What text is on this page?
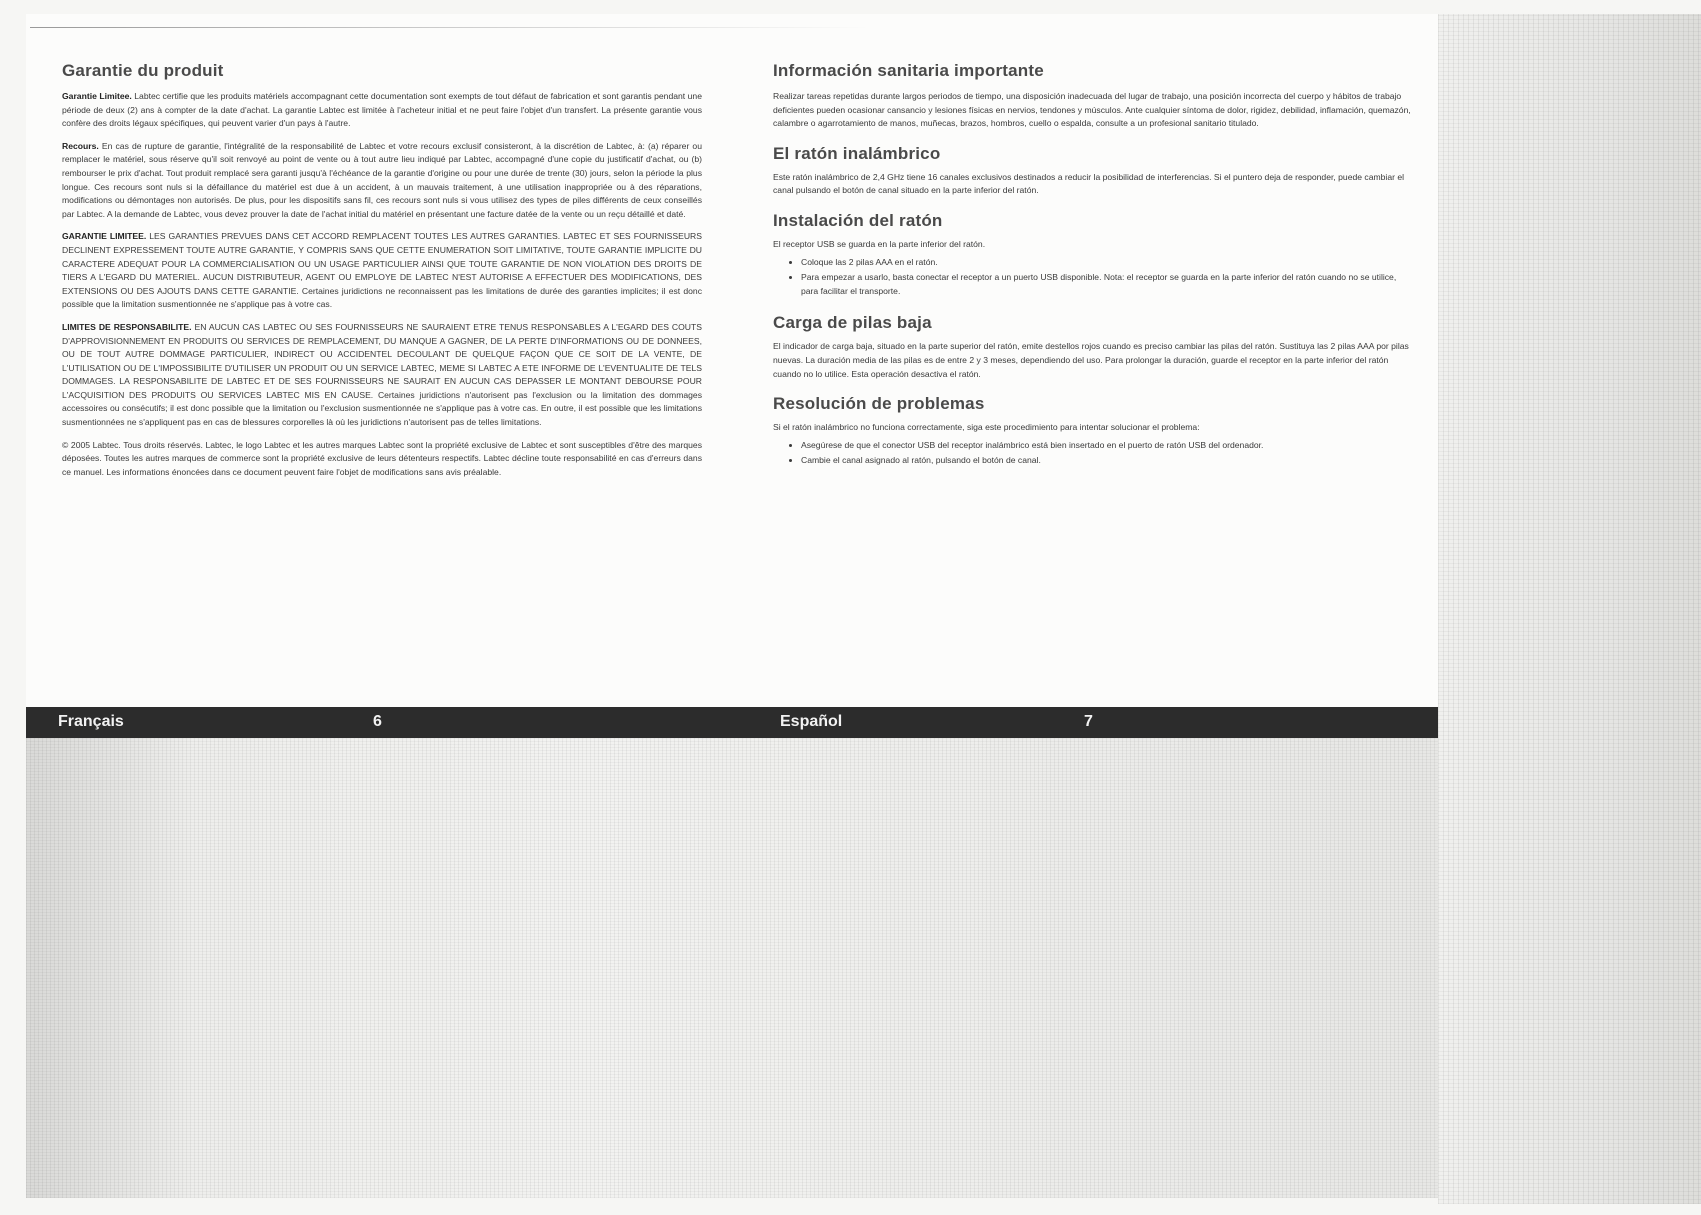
Garantie du produit

Garantie Limitee. Labtec certifie que les produits matériels accompagnant cette documentation sont exempts de tout défaut de fabrication et sont garantis pendant une période de deux (2) ans à compter de la date d'achat. La garantie Labtec est limitée à l'acheteur initial et ne peut faire l'objet d'un transfert. La présente garantie vous confère des droits légaux spécifiques, qui peuvent varier d'un pays à l'autre.

Recours. En cas de rupture de garantie, l'intégralité de la responsabilité de Labtec et votre recours exclusif consisteront, à la discrétion de Labtec, à: (a) réparer ou remplacer le matériel, sous réserve qu'il soit renvoyé au point de vente ou à tout autre lieu indiqué par Labtec, accompagné d'une copie du justificatif d'achat, ou (b) rembourser le prix d'achat. Tout produit remplacé sera garanti jusqu'à l'échéance de la garantie d'origine ou pour une durée de trente (30) jours, selon la période la plus longue. Ces recours sont nuls si la défaillance du matériel est due à un accident, à un mauvais traitement, à une utilisation inappropriée ou à des réparations, modifications ou démontages non autorisés. De plus, pour les dispositifs sans fil, ces recours sont nuls si vous utilisez des types de piles différents de ceux conseillés par Labtec. A la demande de Labtec, vous devez prouver la date de l'achat initial du matériel en présentant une facture datée de la vente ou un reçu détaillé et daté.

GARANTIE LIMITEE. LES GARANTIES PREVUES DANS CET ACCORD REMPLACENT TOUTES LES AUTRES GARANTIES. LABTEC ET SES FOURNISSEURS DECLINENT EXPRESSEMENT TOUTE AUTRE GARANTIE, Y COMPRIS SANS QUE CETTE ENUMERATION SOIT LIMITATIVE, TOUTE GARANTIE IMPLICITE DU CARACTERE ADEQUAT POUR LA COMMERCIALISATION OU UN USAGE PARTICULIER AINSI QUE TOUTE GARANTIE DE NON VIOLATION DES DROITS DE TIERS A L'EGARD DU MATERIEL. AUCUN DISTRIBUTEUR, AGENT OU EMPLOYE DE LABTEC N'EST AUTORISE A EFFECTUER DES MODIFICATIONS, DES EXTENSIONS OU DES AJOUTS DANS CETTE GARANTIE. Certaines juridictions ne reconnaissent pas les limitations de durée des garanties implicites; il est donc possible que la limitation susmentionnée ne s'applique pas à votre cas.

LIMITES DE RESPONSABILITE. EN AUCUN CAS LABTEC OU SES FOURNISSEURS NE SAURAIENT ETRE TENUS RESPONSABLES A L'EGARD DES COUTS D'APPROVISIONNEMENT EN PRODUITS OU SERVICES DE REMPLACEMENT, DU MANQUE A GAGNER, DE LA PERTE D'INFORMATIONS OU DE DONNEES, OU DE TOUT AUTRE DOMMAGE PARTICULIER, INDIRECT OU ACCIDENTEL DECOULANT DE QUELQUE FAÇON QUE CE SOIT DE LA VENTE, DE L'UTILISATION OU DE L'IMPOSSIBILITE D'UTILISER UN PRODUIT OU UN SERVICE LABTEC, MEME SI LABTEC A ETE INFORME DE L'EVENTUALITE DE TELS DOMMAGES. LA RESPONSABILITE DE LABTEC ET DE SES FOURNISSEURS NE SAURAIT EN AUCUN CAS DEPASSER LE MONTANT DEBOURSE POUR L'ACQUISITION DES PRODUITS OU SERVICES LABTEC MIS EN CAUSE. Certaines juridictions n'autorisent pas l'exclusion ou la limitation des dommages accessoires ou consécutifs; il est donc possible que la limitation ou l'exclusion susmentionnée ne s'applique pas à votre cas. En outre, il est possible que les limitations susmentionnées ne s'appliquent pas en cas de blessures corporelles là où les juridictions n'autorisent pas de telles limitations.

© 2005 Labtec. Tous droits réservés. Labtec, le logo Labtec et les autres marques Labtec sont la propriété exclusive de Labtec et sont susceptibles d'être des marques déposées. Toutes les autres marques de commerce sont la propriété exclusive de leurs détenteurs respectifs. Labtec décline toute responsabilité en cas d'erreurs dans ce manuel. Les informations énoncées dans ce document peuvent faire l'objet de modifications sans avis préalable.

Información sanitaria importante

Realizar tareas repetidas durante largos periodos de tiempo, una disposición inadecuada del lugar de trabajo, una posición incorrecta del cuerpo y hábitos de trabajo deficientes pueden ocasionar cansancio y lesiones físicas en nervios, tendones y músculos. Ante cualquier síntoma de dolor, rigidez, debilidad, inflamación, quemazón, calambre o agarrotamiento de manos, muñecas, brazos, hombros, cuello o espalda, consulte a un profesional sanitario titulado.

El ratón inalámbrico

Este ratón inalámbrico de 2,4 GHz tiene 16 canales exclusivos destinados a reducir la posibilidad de interferencias. Si el puntero deja de responder, puede cambiar el canal pulsando el botón de canal situado en la parte inferior del ratón.

Instalación del ratón

El receptor USB se guarda en la parte inferior del ratón.

• Coloque las 2 pilas AAA en el ratón.
• Para empezar a usarlo, basta conectar el receptor a un puerto USB disponible. Nota: el receptor se guarda en la parte inferior del ratón cuando no se utilice, para facilitar el transporte.
Carga de pilas baja

El indicador de carga baja, situado en la parte superior del ratón, emite destellos rojos cuando es preciso cambiar las pilas del ratón. Sustituya las 2 pilas AAA por pilas nuevas. La duración media de las pilas es de entre 2 y 3 meses, dependiendo del uso. Para prolongar la duración, guarde el receptor en la parte inferior del ratón cuando no lo utilice. Esta operación desactiva el ratón.

Resolución de problemas

Si el ratón inalámbrico no funciona correctamente, siga este procedimiento para intentar solucionar el problema:

• Asegúrese de que el conector USB del receptor inalámbrico está bien insertado en el puerto de ratón USB del ordenador.
• Cambie el canal asignado al ratón, pulsando el botón de canal.
Français	6	Español	7
